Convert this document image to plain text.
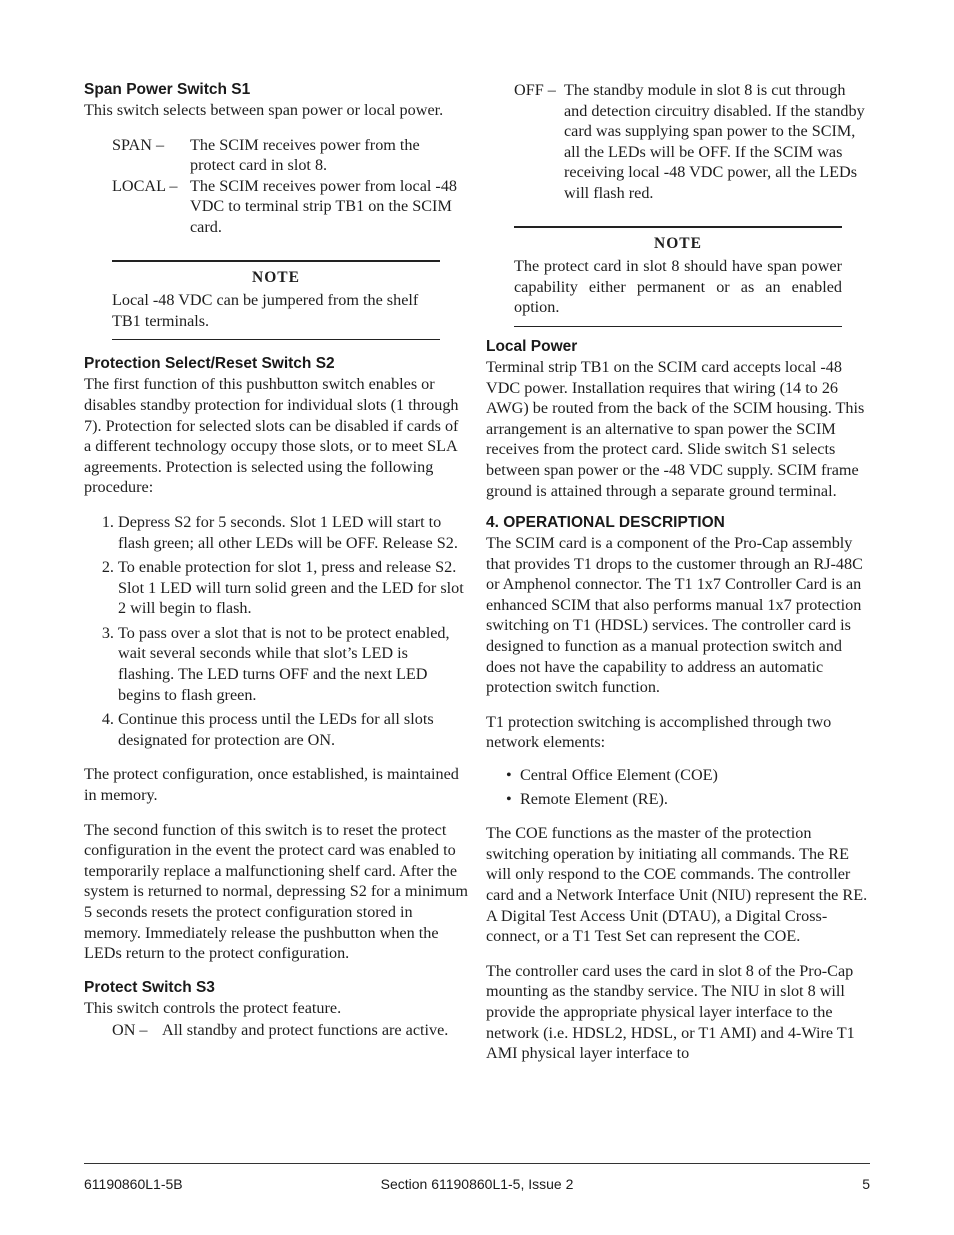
Span Power Switch S1

This switch selects between span power or local power.

SPAN –	The SCIM receives power from the protect card in slot 8.
LOCAL – The SCIM receives power from local -48 VDC to terminal strip TB1 on the SCIM card.
NOTE
Local -48 VDC can be jumpered from the shelf TB1 terminals.
Protection Select/Reset Switch S2

The first function of this pushbutton switch enables or disables standby protection for individual slots (1 through 7). Protection for selected slots can be disabled if cards of a different technology occupy those slots, or to meet SLA agreements. Protection is selected using the following procedure:

1. Depress S2 for 5 seconds. Slot 1 LED will start to flash green; all other LEDs will be OFF. Release S2.
2. To enable protection for slot 1, press and release S2. Slot 1 LED will turn solid green and the LED for slot 2 will begin to flash.
3. To pass over a slot that is not to be protect enabled, wait several seconds while that slot’s LED is flashing. The LED turns OFF and the next LED begins to flash green.
4. Continue this process until the LEDs for all slots designated for protection are ON.

The protect configuration, once established, is maintained in memory.

The second function of this switch is to reset the protect configuration in the event the protect card was enabled to temporarily replace a malfunctioning shelf card. After the system is returned to normal, depressing S2 for a minimum 5 seconds resets the protect configuration stored in memory. Immediately release the pushbutton when the LEDs return to the protect configuration.

Protect Switch S3

This switch controls the protect feature.

ON – All standby and protect functions are active.
OFF – The standby module in slot 8 is cut through and detection circuitry disabled. If the standby card was supplying span power to the SCIM, all the LEDs will be OFF. If the SCIM was receiving local -48 VDC power, all the LEDs will flash red.
NOTE
The protect card in slot 8 should have span power capability either permanent or as an enabled option.
Local Power

Terminal strip TB1 on the SCIM card accepts local -48 VDC power. Installation requires that wiring (14 to 26 AWG) be routed from the back of the SCIM housing. This arrangement is an alternative to span power the SCIM receives from the protect card. Slide switch S1 selects between span power or the -48 VDC supply. SCIM frame ground is attained through a separate ground terminal.

4. OPERATIONAL DESCRIPTION

The SCIM card is a component of the Pro-Cap assembly that provides T1 drops to the customer through an RJ-48C or Amphenol connector. The T1 1x7 Controller Card is an enhanced SCIM that also performs manual 1x7 protection switching on T1 (HDSL) services. The controller card is designed to function as a manual protection switch and does not have the capability to address an automatic protection switch function.

T1 protection switching is accomplished through two network elements:

• Central Office Element (COE)
• Remote Element (RE).

The COE functions as the master of the protection switching operation by initiating all commands. The RE will only respond to the COE commands. The controller card and a Network Interface Unit (NIU) represent the RE. A Digital Test Access Unit (DTAU), a Digital Cross-connect, or a T1 Test Set can represent the COE.

The controller card uses the card in slot 8 of the Pro-Cap mounting as the standby service. The NIU in slot 8 will provide the appropriate physical layer interface to the network (i.e. HDSL2, HDSL, or T1 AMI) and 4-Wire T1 AMI physical layer interface to

61190860L1-5B	Section 61190860L1-5, Issue 2	5
